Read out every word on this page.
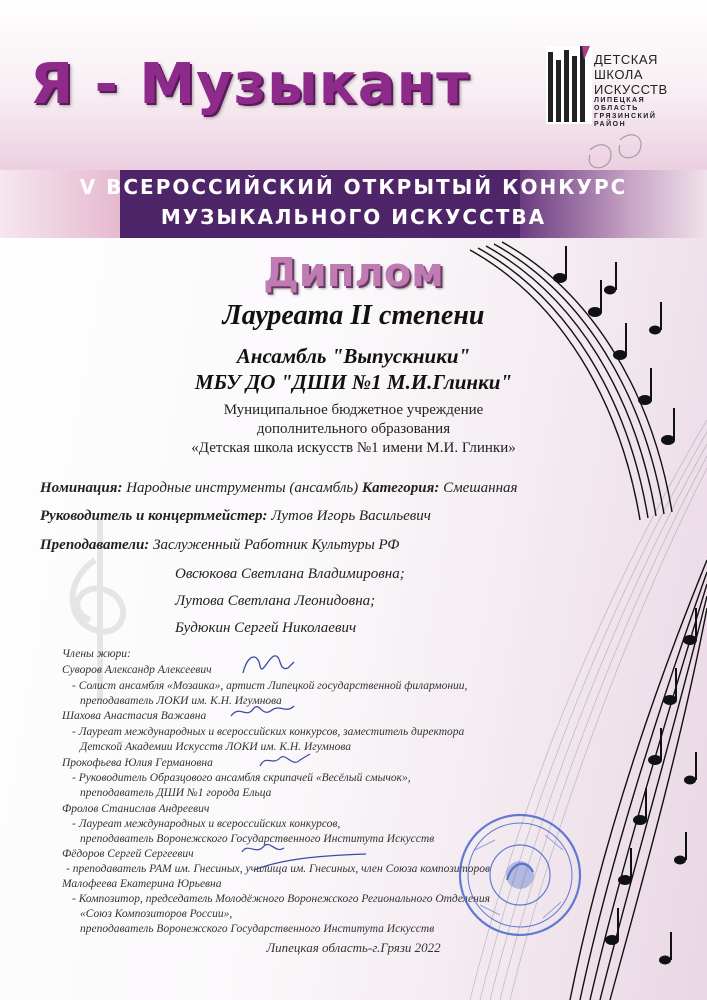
Я - Музыкант	ДЕТСКАЯ
ШКОЛА
ИСКУССТВ
ЛИПЕЦКАЯ
ОБЛАСТЬ
ГРЯЗИНСКИЙ
РАЙОН
V ВСЕРОССИЙСКИЙ ОТКРЫТЫЙ КОНКУРС
МУЗЫКАЛЬНОГО ИСКУССТВА
Диплом
Лауреата II степени
Ансамбль "Выпускники"
МБУ ДО "ДШИ №1 М.И.Глинки"
Муниципальное бюджетное учреждение
дополнительного образования
«Детская школа искусств №1 имени М.И. Глинки»
Номинация: Народные инструменты (ансамбль) Категория: Смешанная
Руководитель и концертмейстер: Лутов Игорь Васильевич
Преподаватели: Заслуженный Работник Культуры РФ
Овсюкова Светлана Владимировна;
Лутова Светлана Леонидовна;
Будюкин Сергей Николаевич
Члены жюри:
Суворов Александр Алексеевич
- Солист ансамбля «Мозаика», артист Липецкой государственной филармонии,
преподаватель ЛОКИ им. К.Н. Игумнова
Шахова Анастасия Важавна
- Лауреат международных и всероссийских конкурсов, заместитель директора
Детской Академии Искусств ЛОКИ им. К.Н. Игумнова
Прокофьева Юлия Германовна
- Руководитель Образцового ансамбля скрипачей «Весёлый смычок»,
преподаватель ДШИ №1 города Ельца
Фролов Станислав Андреевич
- Лауреат международных и всероссийских конкурсов,
преподаватель Воронежского Государственного Института Искусств
Фёдоров Сергей Сергеевич
- преподаватель РАМ им. Гнесиных, училища им. Гнесиных, член Союза композиторов
Малофеева Екатерина Юрьевна
- Композитор, председатель Молодёжного Воронежского Регионального Отделения
«Союз Композиторов России»,
преподаватель Воронежского Государственного Института Искусств
Липецкая область-г.Грязи 2022
